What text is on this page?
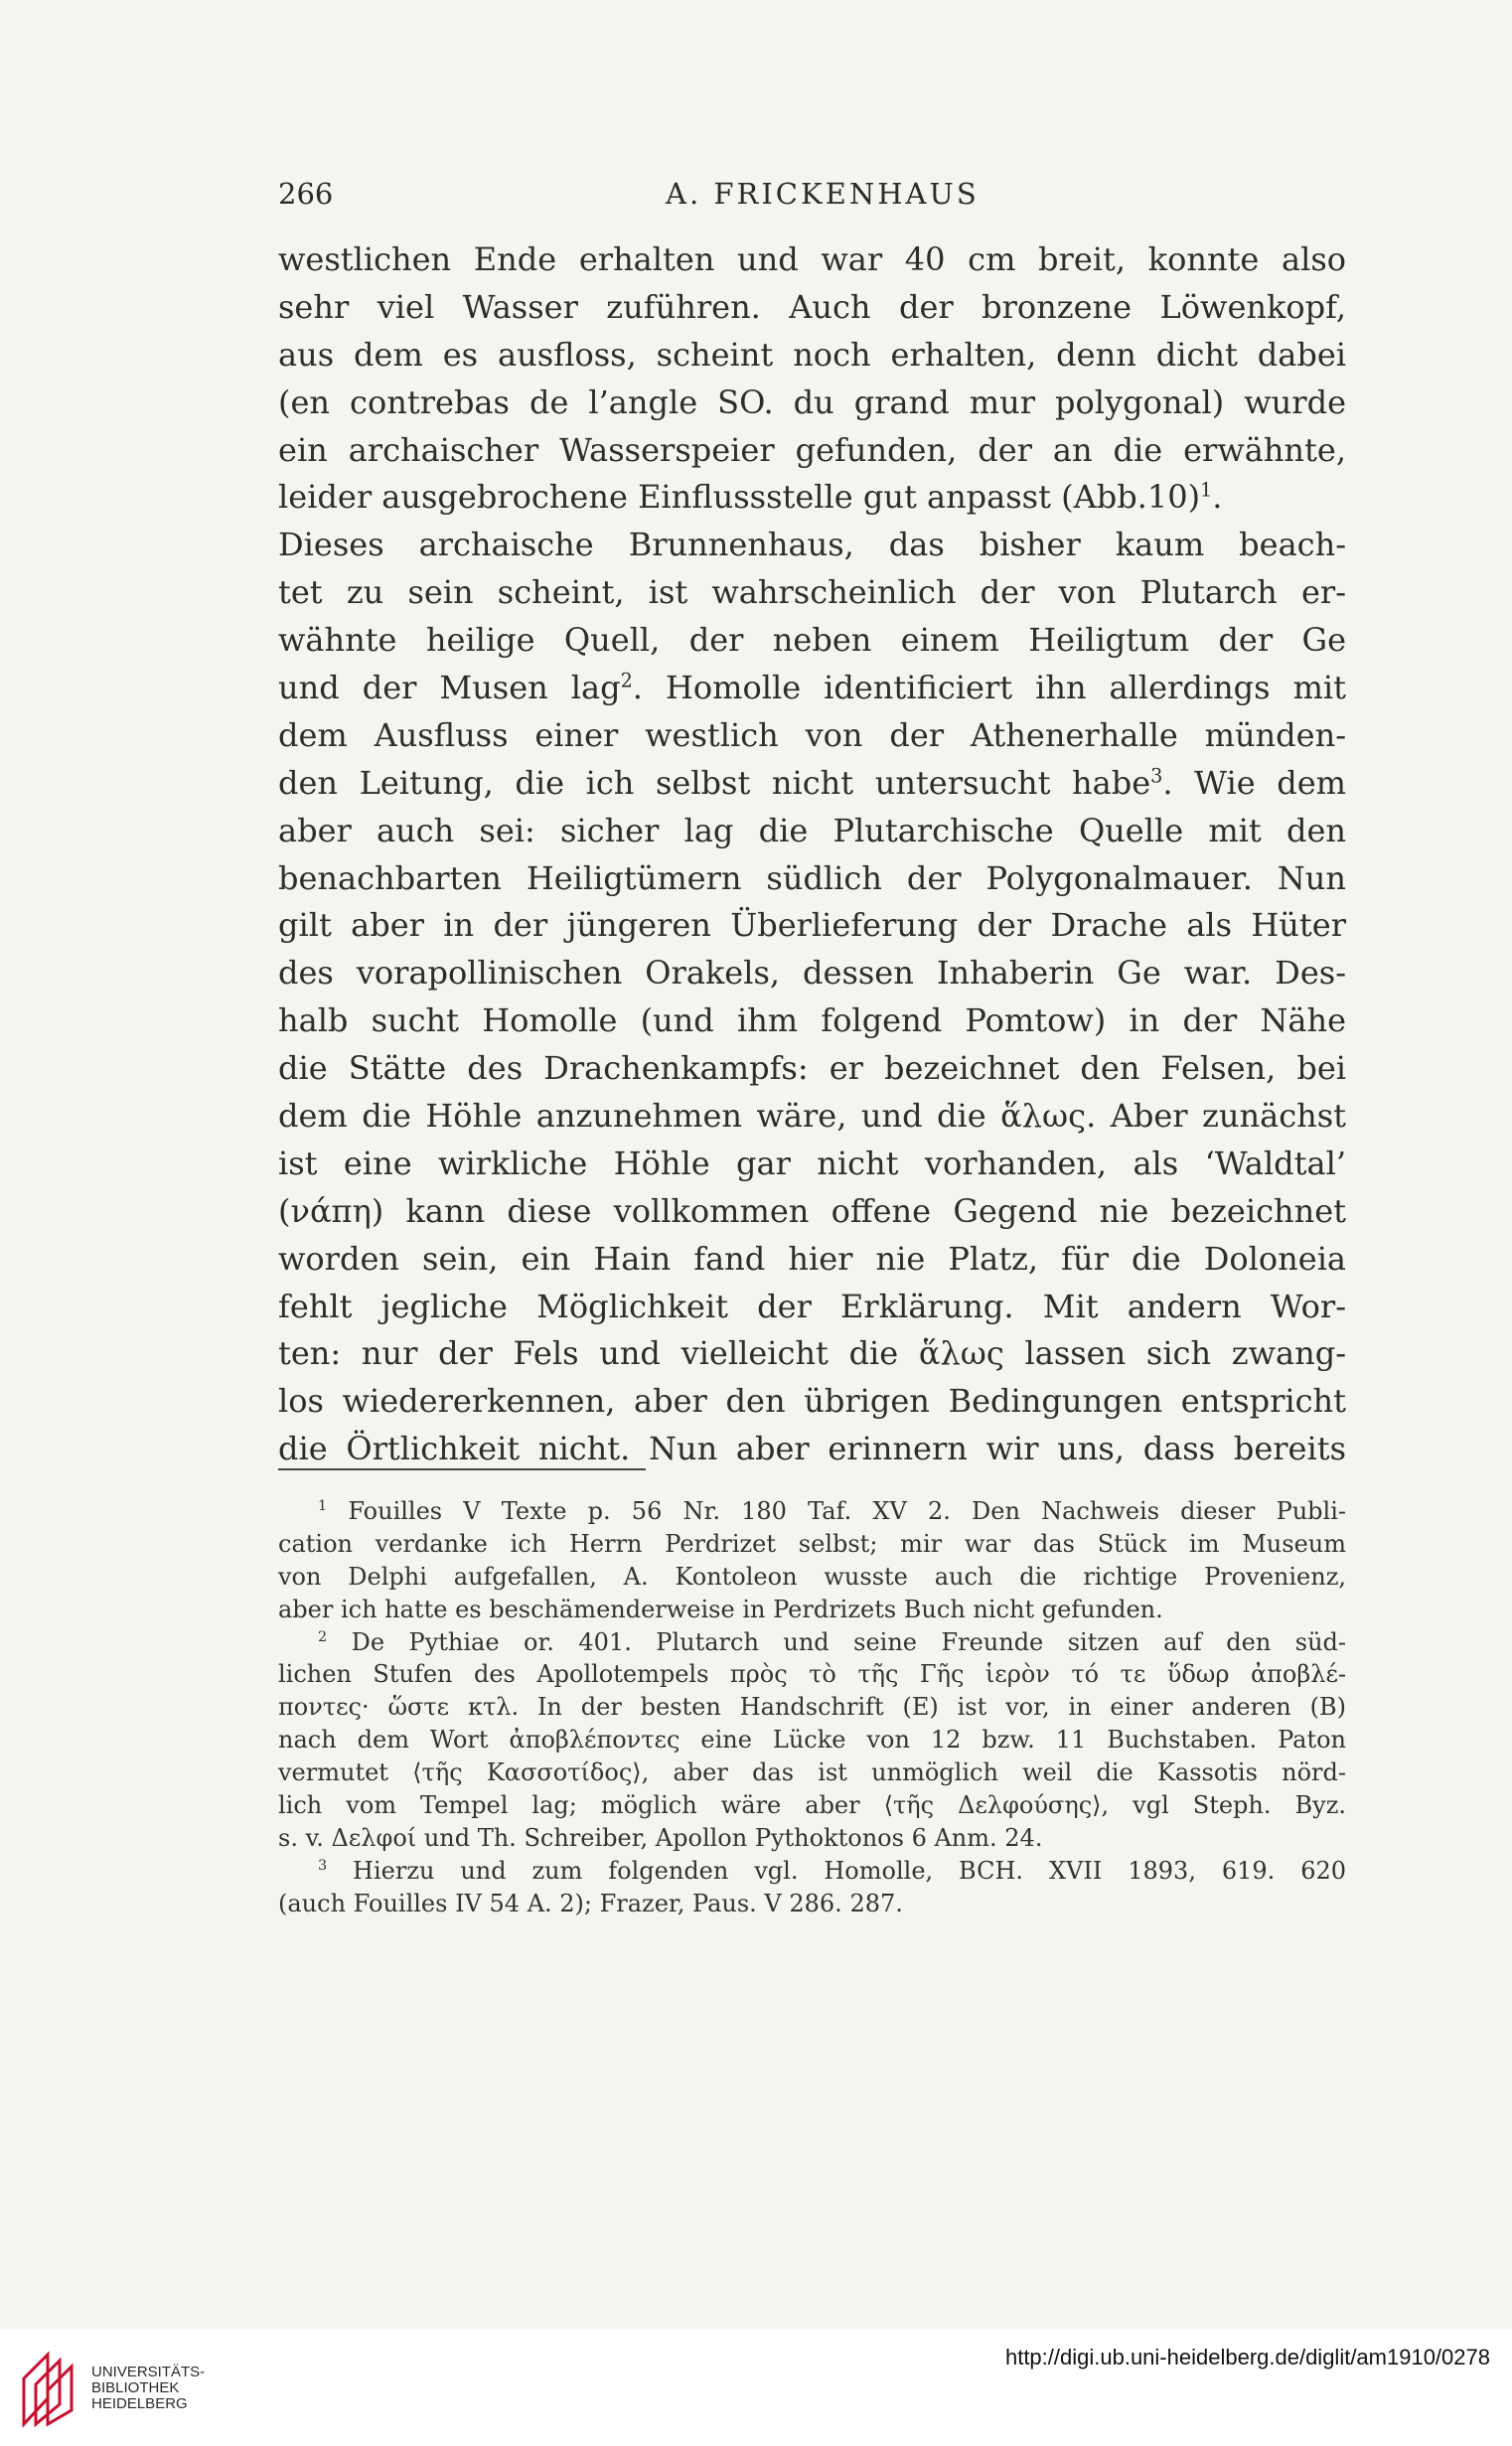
266	A. FRICKENHAUS
westlichen Ende erhalten und war 40 cm breit, konnte also
sehr viel Wasser zuführen. Auch der bronzene Löwenkopf,
aus dem es ausfloss, scheint noch erhalten, denn dicht dabei
(en contrebas de l’angle SO. du grand mur polygonal) wurde
ein archaischer Wasserspeier gefunden, der an die erwähnte,
leider ausgebrochene Einflussstelle gut anpasst $(Abb.10)^1$.
Dieses archaische Brunnenhaus, das bisher kaum beach-
tet zu sein scheint, ist wahrscheinlich der von Plutarch er-
wähnte heilige Quell, der neben einem Heiligtum der Ge
und der Musen lag$^2$. Homolle identificiert ihn allerdings mit
dem Ausfluss einer westlich von der Athenerhalle münden-
den Leitung, die ich selbst nicht untersucht habe$^3$. Wie dem
aber auch sei: sicher lag die Plutarchische Quelle mit den
benachbarten Heiligtümern südlich der Polygonalmauer. Nun
gilt aber in der jüngeren Überlieferung der Drache als Hüter
des vorapollinischen Orakels, dessen Inhaberin Ge war. Des-
halb sucht Homolle (und ihm folgend Pomtow) in der Nähe
die Stätte des Drachenkampfs: er bezeichnet den Felsen, bei
dem die Höhle anzunehmen wäre, und die ἅλως. Aber zunächst
ist eine wirkliche Höhle gar nicht vorhanden, als ‘Waldtal’
(νάπη) kann diese vollkommen offene Gegend nie bezeichnet
worden sein, ein Hain fand hier nie Platz, für die Doloneia
fehlt jegliche Möglichkeit der Erklärung. Mit andern Wor-
ten: nur der Fels und vielleicht die ἅλως lassen sich zwang-
los wiedererkennen, aber den übrigen Bedingungen entspricht
die Örtlichkeit nicht. Nun aber erinnern wir uns, dass bereits
$^1$ Fouilles V Texte p. 56 Nr. 180 Taf. XV 2. Den Nachweis dieser Publi-
cation verdanke ich Herrn Perdrizet selbst; mir war das Stück im Museum
von Delphi aufgefallen, A. Kontoleon wusste auch die richtige Provenienz,
aber ich hatte es beschämenderweise in Perdrizets Buch nicht gefunden.
$^2$ De Pythiae or. 401. Plutarch und seine Freunde sitzen auf den süd-
lichen Stufen des Apollotempels πρὸς τὸ τῆς Γῆς ἱερὸν τό τε ὕδωρ ἀποβλέ-
ποντες· ὥστε κτλ. In der besten Handschrift (E) ist vor, in einer anderen (B)
nach dem Wort ἀποβλέποντες eine Lücke von 12 bzw. 11 Buchstaben. Paton
vermutet ⟨τῆς Κασσοτίδος⟩, aber das ist unmöglich weil die Kassotis nörd-
lich vom Tempel lag; möglich wäre aber ⟨τῆς Δελφούσης⟩, vgl Steph. Byz.
s. v. Δελφοί und Th. Schreiber, Apollon Pythoktonos 6 Anm. 24.
$^3$ Hierzu und zum folgenden vgl. Homolle, BCH. XVII 1893, 619. 620
(auch Fouilles IV 54 A. 2); Frazer, Paus. V 286. 287.
UNIVERSITÄTS-
BIBLIOTHEK
HEIDELBERG
http://digi.ub.uni-heidelberg.de/diglit/am1910/0278
